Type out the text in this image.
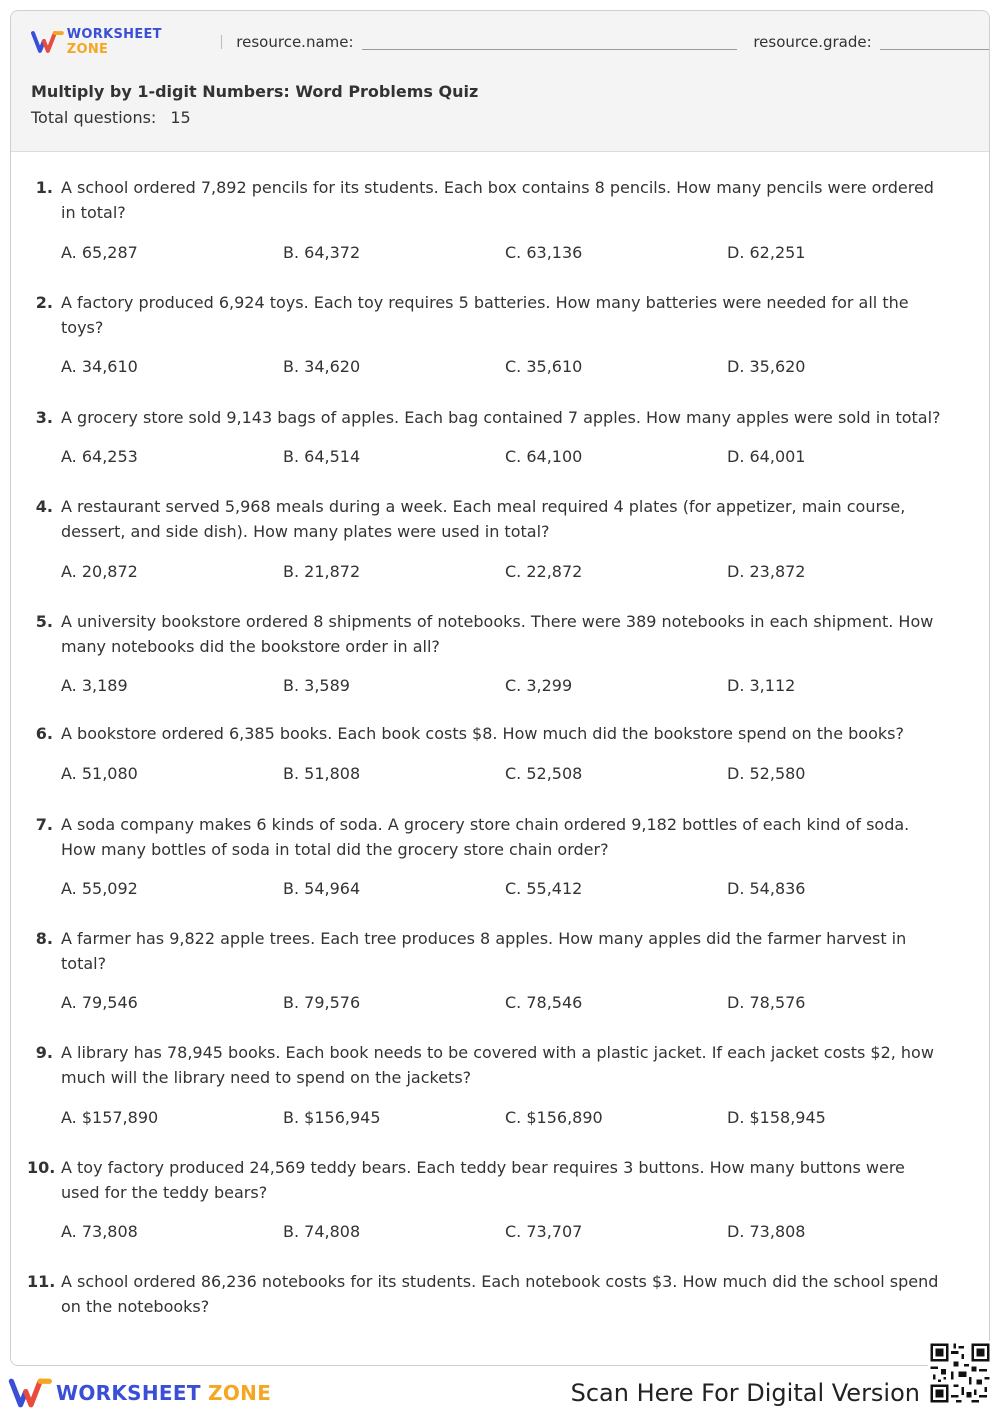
WORKSHEET ZONE	resource.name:	resource.grade:
Multiply by 1-digit Numbers: Word Problems Quiz
Total questions: 15
1. A school ordered 7,892 pencils for its students. Each box contains 8 pencils. How many pencils were ordered in total?
A. 65,287	B. 64,372	C. 63,136	D. 62,251
2. A factory produced 6,924 toys. Each toy requires 5 batteries. How many batteries were needed for all the toys?
A. 34,610	B. 34,620	C. 35,610	D. 35,620
3. A grocery store sold 9,143 bags of apples. Each bag contained 7 apples. How many apples were sold in total?
A. 64,253	B. 64,514	C. 64,100	D. 64,001
4. A restaurant served 5,968 meals during a week. Each meal required 4 plates (for appetizer, main course, dessert, and side dish). How many plates were used in total?
A. 20,872	B. 21,872	C. 22,872	D. 23,872
5. A university bookstore ordered 8 shipments of notebooks. There were 389 notebooks in each shipment. How many notebooks did the bookstore order in all?
A. 3,189	B. 3,589	C. 3,299	D. 3,112
6. A bookstore ordered 6,385 books. Each book costs $8. How much did the bookstore spend on the books?
A. 51,080	B. 51,808	C. 52,508	D. 52,580
7. A soda company makes 6 kinds of soda. A grocery store chain ordered 9,182 bottles of each kind of soda. How many bottles of soda in total did the grocery store chain order?
A. 55,092	B. 54,964	C. 55,412	D. 54,836
8. A farmer has 9,822 apple trees. Each tree produces 8 apples. How many apples did the farmer harvest in total?
A. 79,546	B. 79,576	C. 78,546	D. 78,576
9. A library has 78,945 books. Each book needs to be covered with a plastic jacket. If each jacket costs $2, how much will the library need to spend on the jackets?
A. $157,890	B. $156,945	C. $156,890	D. $158,945
10. A toy factory produced 24,569 teddy bears. Each teddy bear requires 3 buttons. How many buttons were used for the teddy bears?
A. 73,808	B. 74,808	C. 73,707	D. 73,808
11. A school ordered 86,236 notebooks for its students. Each notebook costs $3. How much did the school spend on the notebooks?
WORKSHEET ZONE	Scan Here For Digital Version
